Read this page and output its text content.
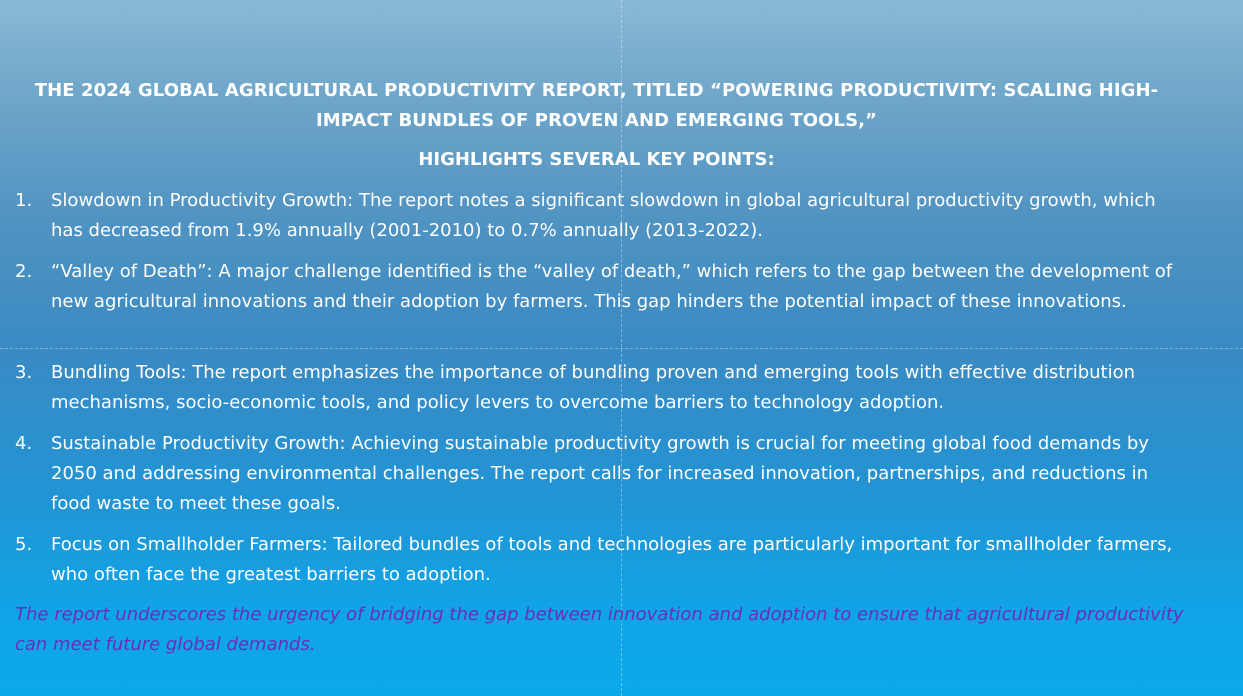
THE 2024 GLOBAL AGRICULTURAL PRODUCTIVITY REPORT, TITLED “POWERING PRODUCTIVITY: SCALING HIGH-IMPACT BUNDLES OF PROVEN AND EMERGING TOOLS,”
HIGHLIGHTS SEVERAL KEY POINTS:
1.	Slowdown in Productivity Growth: The report notes a significant slowdown in global agricultural productivity growth, which has decreased from 1.9% annually (2001-2010) to 0.7% annually (2013-2022).
2.	“Valley of Death”: A major challenge identified is the “valley of death,” which refers to the gap between the development of new agricultural innovations and their adoption by farmers. This gap hinders the potential impact of these innovations.
3.	Bundling Tools: The report emphasizes the importance of bundling proven and emerging tools with effective distribution mechanisms, socio-economic tools, and policy levers to overcome barriers to technology adoption.
4.	Sustainable Productivity Growth: Achieving sustainable productivity growth is crucial for meeting global food demands by 2050 and addressing environmental challenges. The report calls for increased innovation, partnerships, and reductions in food waste to meet these goals.
5.	Focus on Smallholder Farmers: Tailored bundles of tools and technologies are particularly important for smallholder farmers, who often face the greatest barriers to adoption.
The report underscores the urgency of bridging the gap between innovation and adoption to ensure that agricultural productivity can meet future global demands.
